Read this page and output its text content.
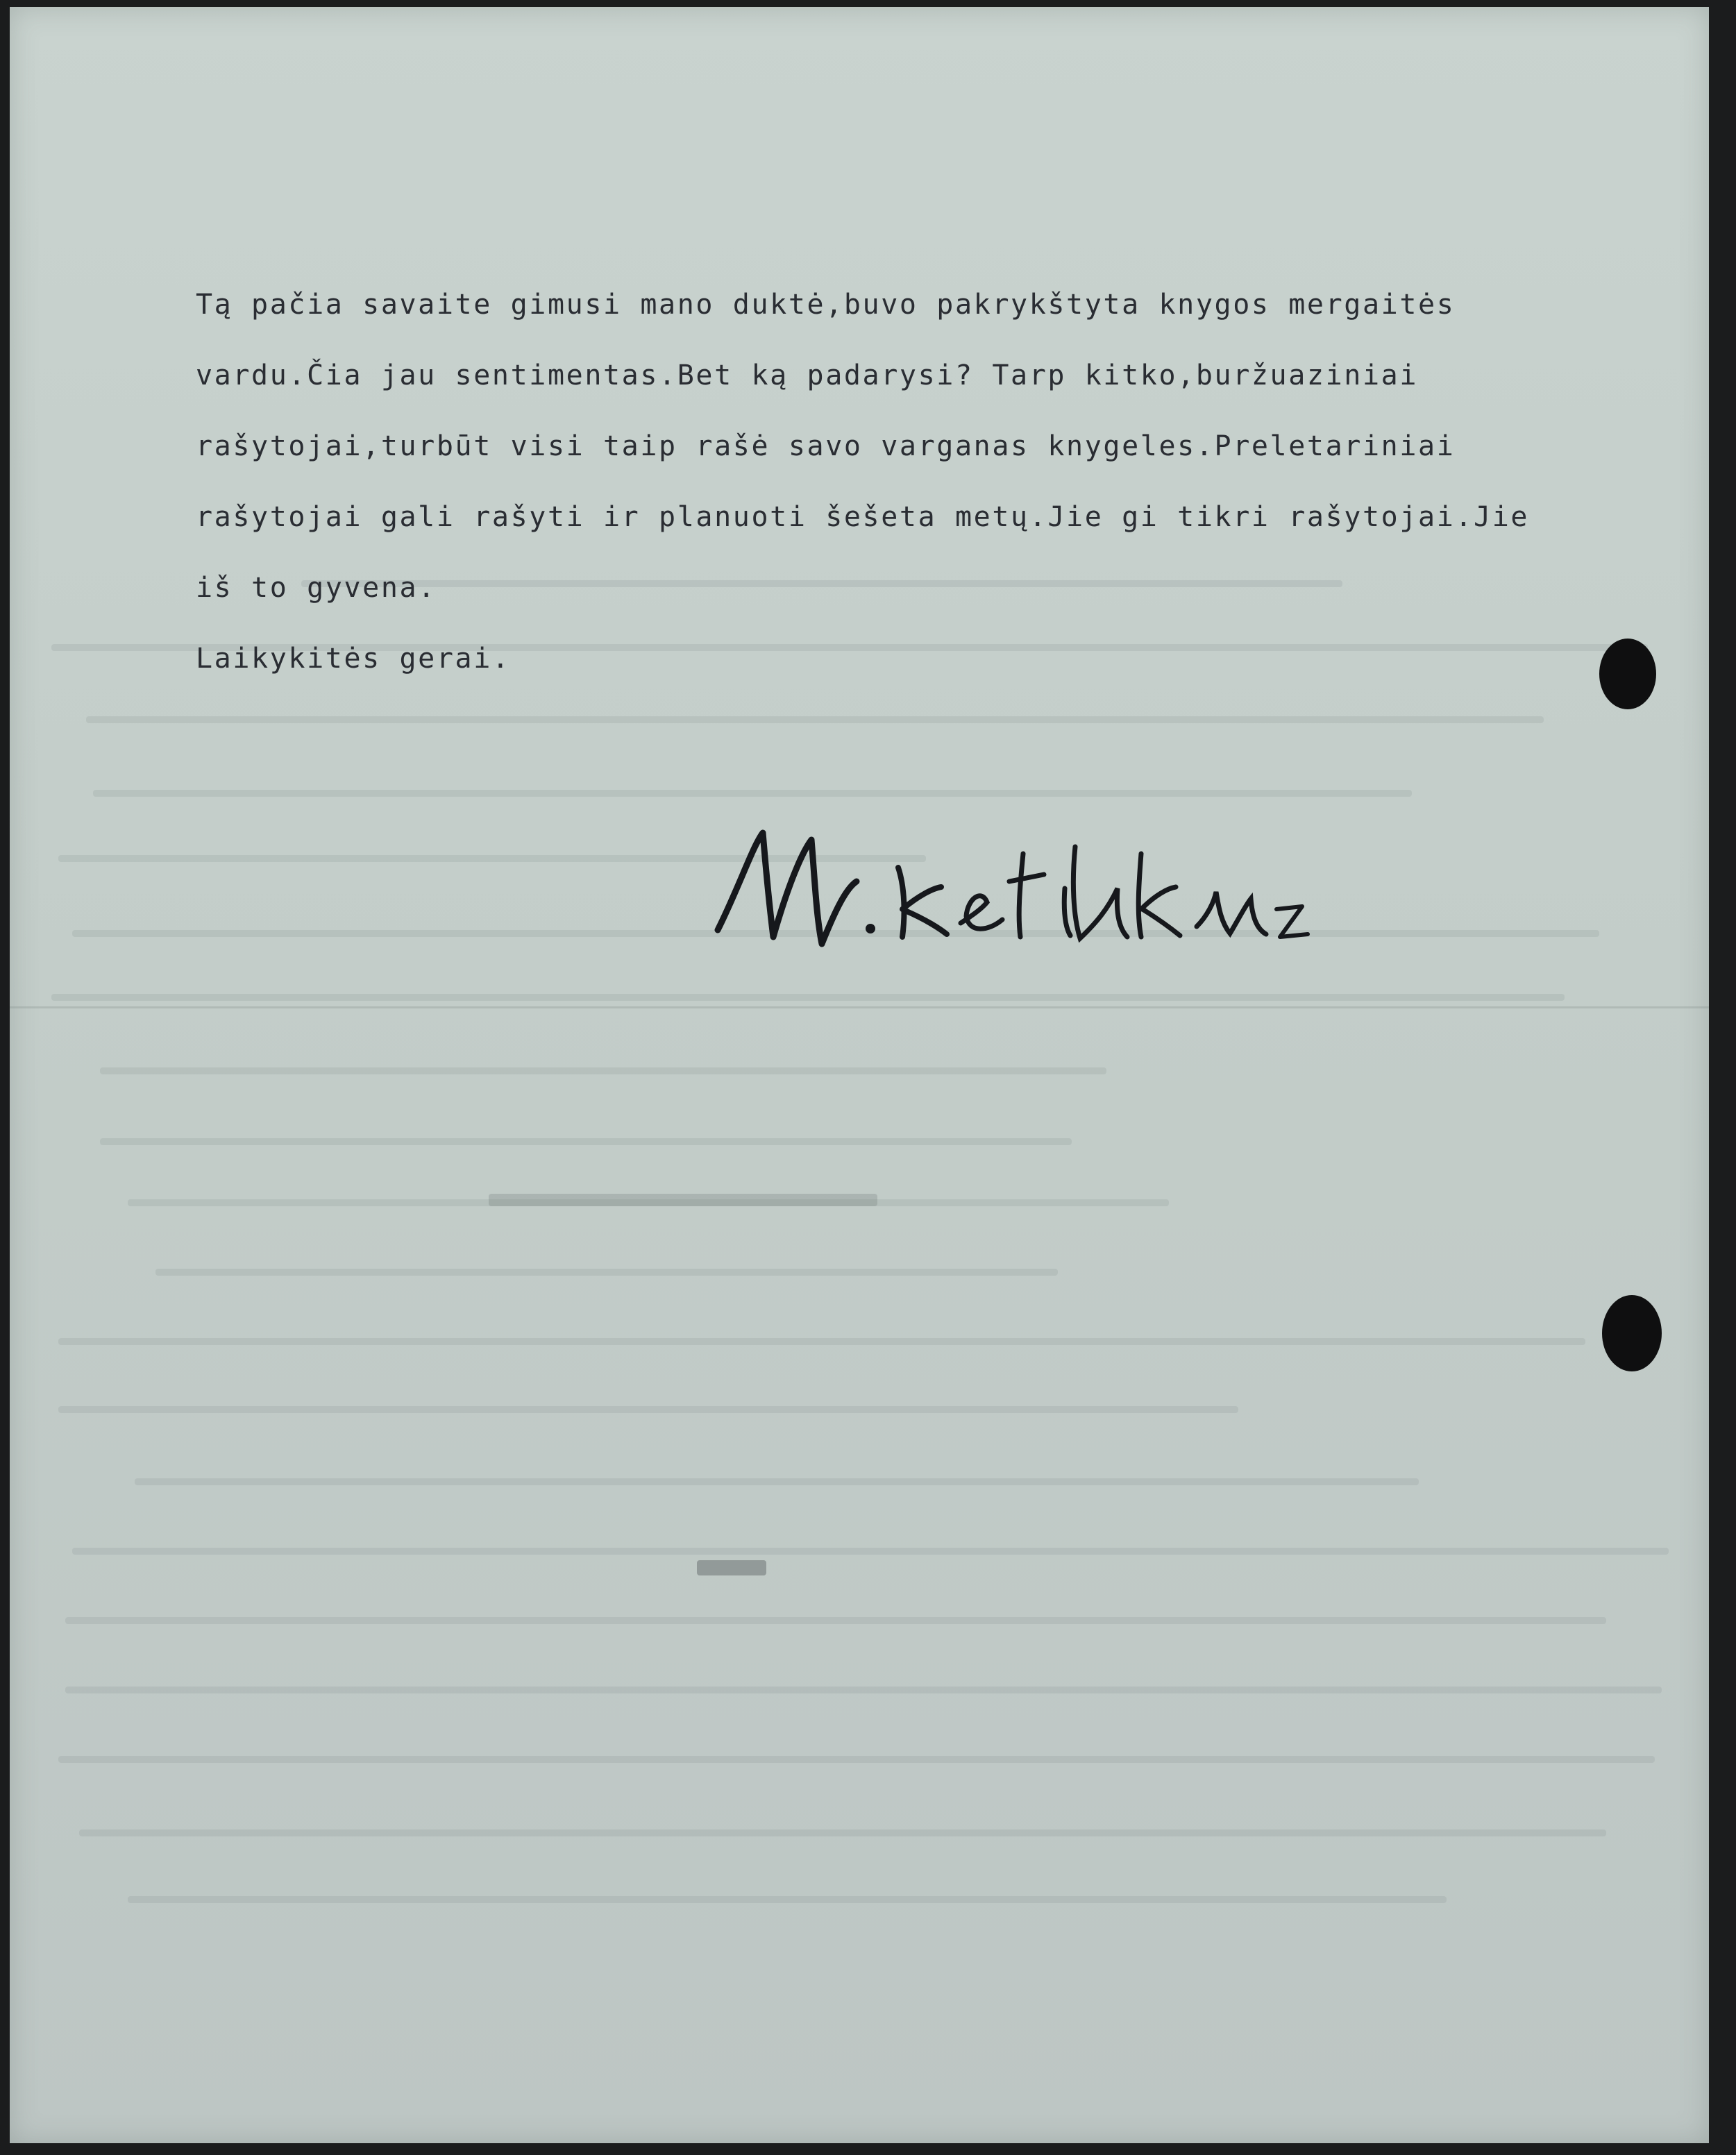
Tą pačia savaite gimusi mano duktė,buvo pakrykštyta knygos mergaitės
vardu.Čia jau sentimentas.Bet ką padarysi? Tarp kitko,buržuaziniai
rašytojai,turbūt visi taip rašė savo varganas knygeles.Preletariniai
rašytojai gali rašyti ir planuoti šešeta metų.Jie gi tikri rašytojai.Jie
iš to gyvena.
Laikykitės gerai.
